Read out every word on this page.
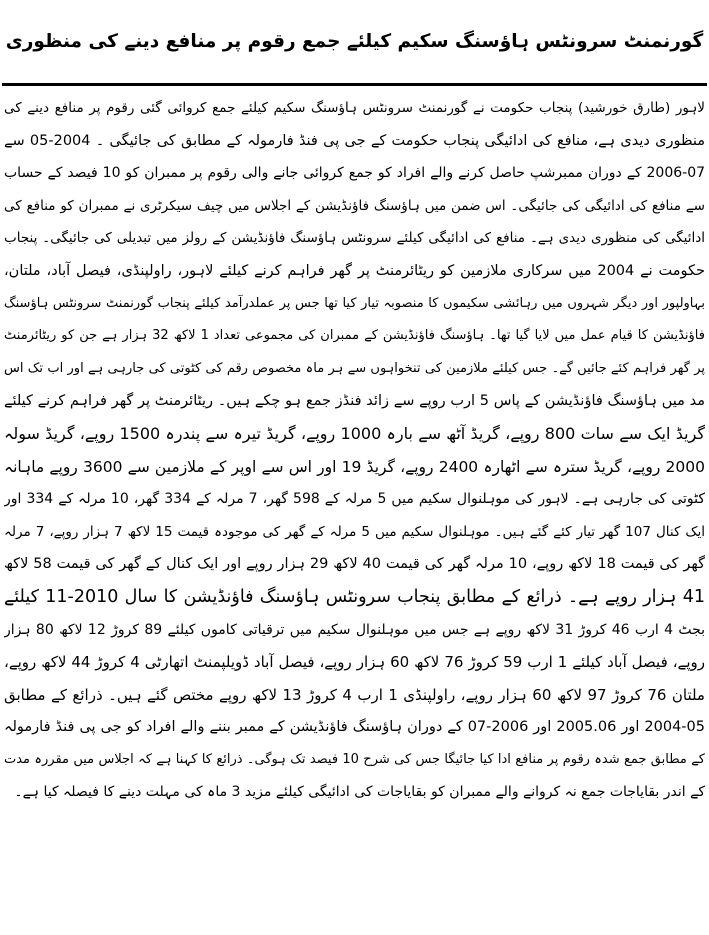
گورنمنٹ سرونٹس ہاؤسنگ سکیم کیلئے جمع رقوم پر منافع دینے کی منظوری
لاہور (طارق خورشید) پنجاب حکومت نے گورنمنٹ سرونٹس ہاؤسنگ سکیم کیلئے جمع کروائی گئی رقوم پر منافع دینے کی
منظوری دیدی ہے، منافع کی ادائیگی پنجاب حکومت کے جی پی فنڈ فارمولہ کے مطابق کی جائیگی ۔ 2004-05 سے
2006-07 کے دوران ممبرشپ حاصل کرنے والے افراد کو جمع کروائی جانے والی رقوم پر ممبران کو 10 فیصد کے حساب
سے منافع کی ادائیگی کی جائیگی۔ اس ضمن میں ہاؤسنگ فاؤنڈیشن کے اجلاس میں چیف سیکرٹری نے ممبران کو منافع کی
ادائیگی کی منظوری دیدی ہے۔ منافع کی ادائیگی کیلئے سرونٹس ہاؤسنگ فاؤنڈیشن کے رولز میں تبدیلی کی جائیگی۔ پنجاب
حکومت نے 2004 میں سرکاری ملازمین کو ریٹائرمنٹ پر گھر فراہم کرنے کیلئے لاہور، راولپنڈی، فیصل آباد، ملتان،
بہاولپور اور دیگر شہروں میں رہائشی سکیموں کا منصوبہ تیار کیا تھا جس پر عملدرآمد کیلئے پنجاب گورنمنٹ سرونٹس ہاؤسنگ
فاؤنڈیشن کا قیام عمل میں لایا گیا تھا۔ ہاؤسنگ فاؤنڈیشن کے ممبران کی مجموعی تعداد 1 لاکھ 32 ہزار ہے جن کو ریٹائرمنٹ
پر گھر فراہم کئے جائیں گے۔ جس کیلئے ملازمین کی تنخواہوں سے ہر ماہ مخصوص رقم کی کٹوتی کی جارہی ہے اور اب تک اس
مد میں ہاؤسنگ فاؤنڈیشن کے پاس 5 ارب روپے سے زائد فنڈز جمع ہو چکے ہیں۔ ریٹائرمنٹ پر گھر فراہم کرنے کیلئے
گریڈ ایک سے سات 800 روپے، گریڈ آٹھ سے بارہ 1000 روپے، گریڈ تیرہ سے پندرہ 1500 روپے، گریڈ سولہ
2000 روپے، گریڈ سترہ سے اٹھارہ 2400 روپے، گریڈ 19 اور اس سے اوپر کے ملازمین سے 3600 روپے ماہانہ
کٹوتی کی جارہی ہے۔ لاہور کی موہلنوال سکیم میں 5 مرلہ کے 598 گھر، 7 مرلہ کے 334 گھر، 10 مرلہ کے 334 اور
ایک کنال 107 گھر تیار کئے گئے ہیں۔ موہلنوال سکیم میں 5 مرلہ کے گھر کی موجودہ قیمت 15 لاکھ 7 ہزار روپے، 7 مرلہ
گھر کی قیمت 18 لاکھ روپے، 10 مرلہ گھر کی قیمت 40 لاکھ 29 ہزار روپے اور ایک کنال کے گھر کی قیمت 58 لاکھ
41 ہزار روپے ہے۔ ذرائع کے مطابق پنجاب سرونٹس ہاؤسنگ فاؤنڈیشن کا سال 2010-11 کیلئے
بجٹ 4 ارب 46 کروڑ 31 لاکھ روپے ہے جس میں موہلنوال سکیم میں ترقیاتی کاموں کیلئے 89 کروڑ 12 لاکھ 80 ہزار
روپے، فیصل آباد کیلئے 1 ارب 59 کروڑ 76 لاکھ 60 ہزار روپے، فیصل آباد ڈویلپمنٹ اتھارٹی 4 کروڑ 44 لاکھ روپے،
ملتان 76 کروڑ 97 لاکھ 60 ہزار روپے، راولپنڈی 1 ارب 4 کروڑ 13 لاکھ روپے مختص گئے ہیں۔ ذرائع کے مطابق
2004-05 اور 2005.06 اور 2006-07 کے دوران ہاؤسنگ فاؤنڈیشن کے ممبر بننے والے افراد کو جی پی فنڈ فارمولہ
کے مطابق جمع شدہ رقوم پر منافع ادا کیا جائیگا جس کی شرح 10 فیصد تک ہوگی۔ ذرائع کا کہنا ہے کہ اجلاس میں مقررہ مدت
کے اندر بقایاجات جمع نہ کروانے والے ممبران کو بقایاجات کی ادائیگی کیلئے مزید 3 ماہ کی مہلت دینے کا فیصلہ کیا ہے۔
